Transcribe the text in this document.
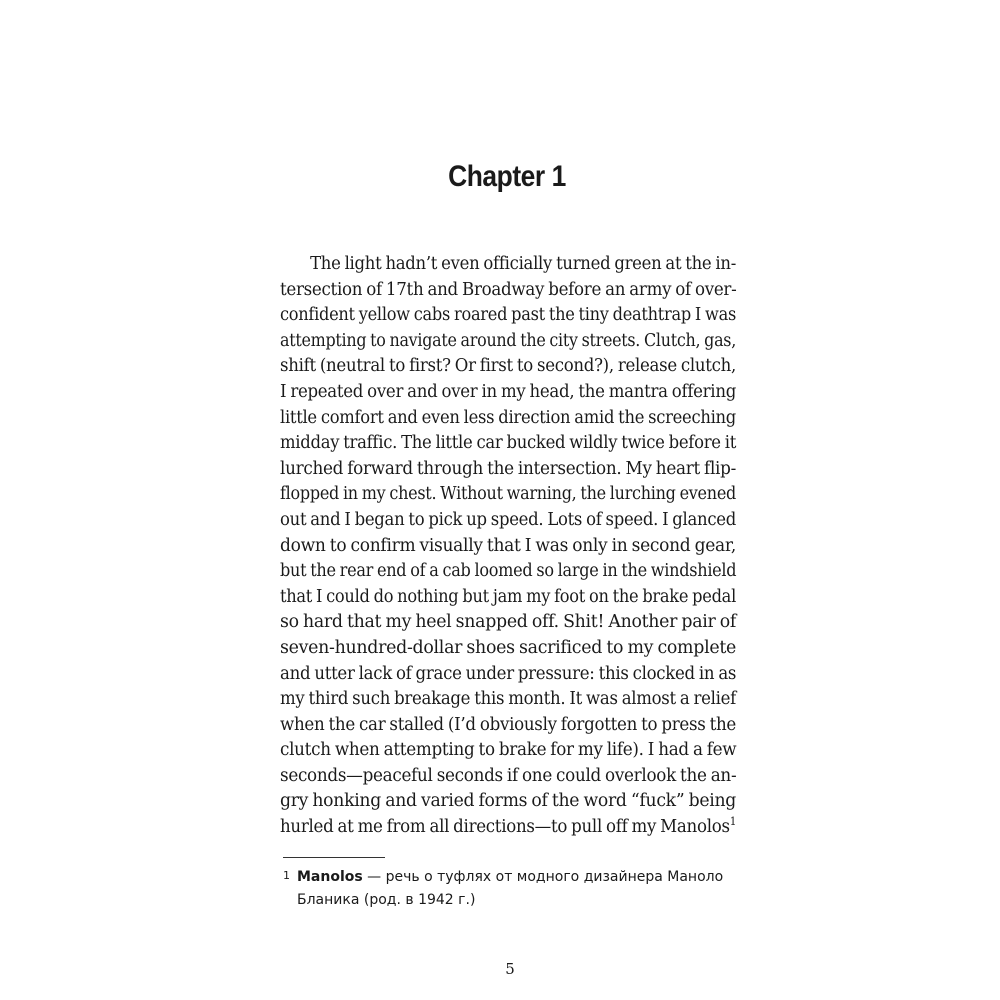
Chapter 1
The light hadn’t even officially turned green at the in-
tersection of 17th and Broadway before an army of over-
confident yellow cabs roared past the tiny deathtrap I was
attempting to navigate around the city streets. Clutch, gas,
shift (neutral to first? Or first to second?), release clutch,
I repeated over and over in my head, the mantra offering
little comfort and even less direction amid the screeching
midday traffic. The little car bucked wildly twice before it
lurched forward through the intersection. My heart flip-
flopped in my chest. Without warning, the lurching evened
out and I began to pick up speed. Lots of speed. I glanced
down to confirm visually that I was only in second gear,
but the rear end of a cab loomed so large in the windshield
that I could do nothing but jam my foot on the brake pedal
so hard that my heel snapped off. Shit! Another pair of
seven-hundred-dollar shoes sacrificed to my complete
and utter lack of grace under pressure: this clocked in as
my third such breakage this month. It was almost a relief
when the car stalled (I’d obviously forgotten to press the
clutch when attempting to brake for my life). I had a few
seconds—peaceful seconds if one could overlook the an-
gry honking and varied forms of the word “fuck” being
hurled at me from all directions—to pull off my Manolos$^1$
1 Manolos — речь о туфлях от модного дизайнера Маноло
Бланика (род. в 1942 г.)
5
